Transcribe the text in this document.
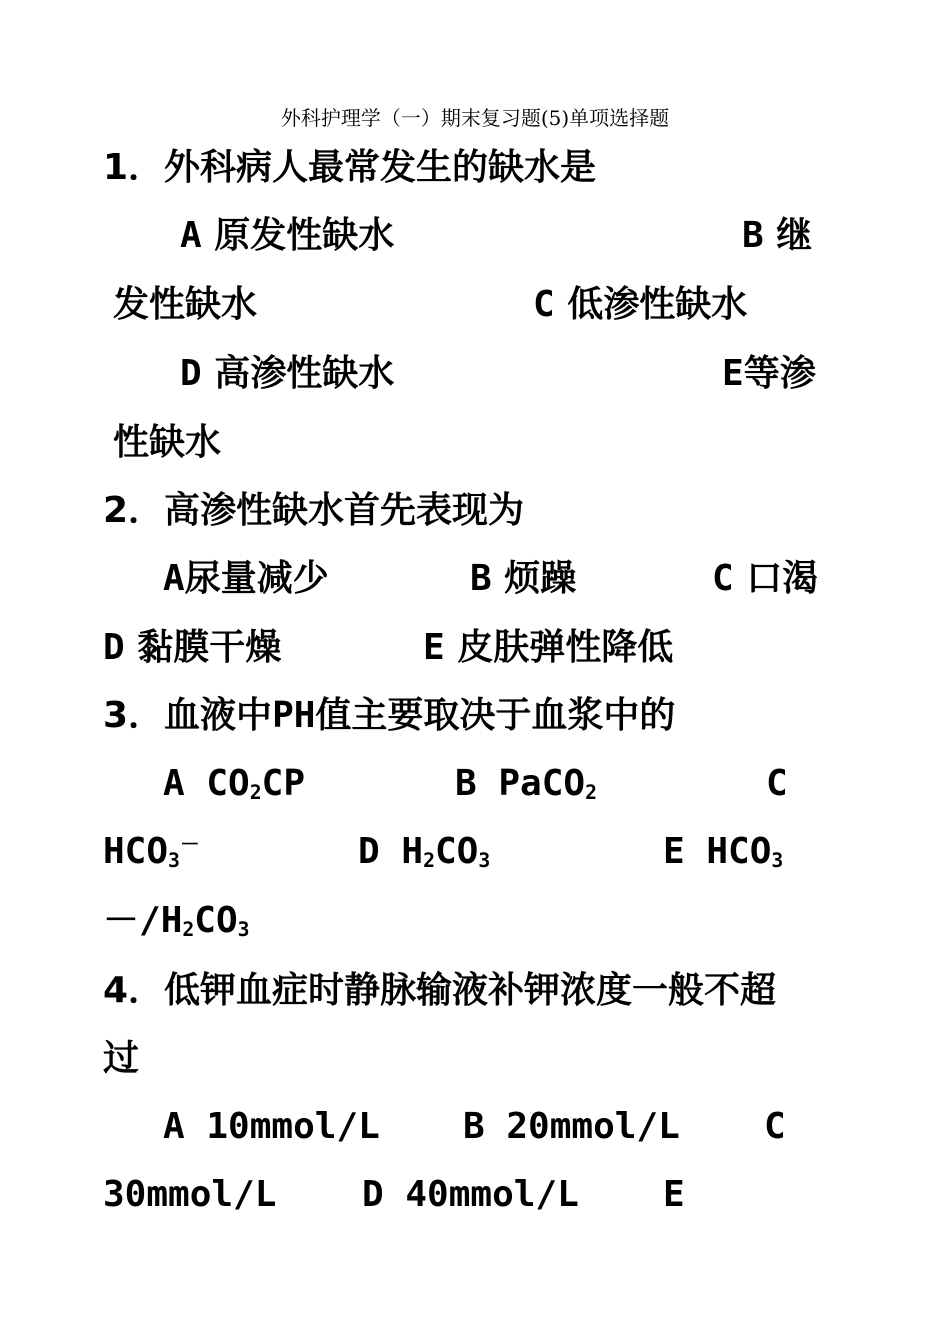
外科护理学（一）期末复习题(5)单项选择题
1．外科病人最常发生的缺水是
A 原发性缺水	B 继
发性缺水	C 低渗性缺水
D 高渗性缺水	E等渗
性缺水
2．高渗性缺水首先表现为
A尿量减少	B 烦躁	C 口渴
D 黏膜干燥	E 皮肤弹性降低
3．血液中PH值主要取决于血浆中的
A $CO_2CP$	B PaCO$_2$	C
$HCO_3^-$	D $H_2CO_3$	E $HCO_3$
$-/H_2CO_3$
4．低钾血症时静脉输液补钾浓度一般不超
过
A 10mmol/L B 20mmol/L C
30mmol/L D 40mmol/L E
